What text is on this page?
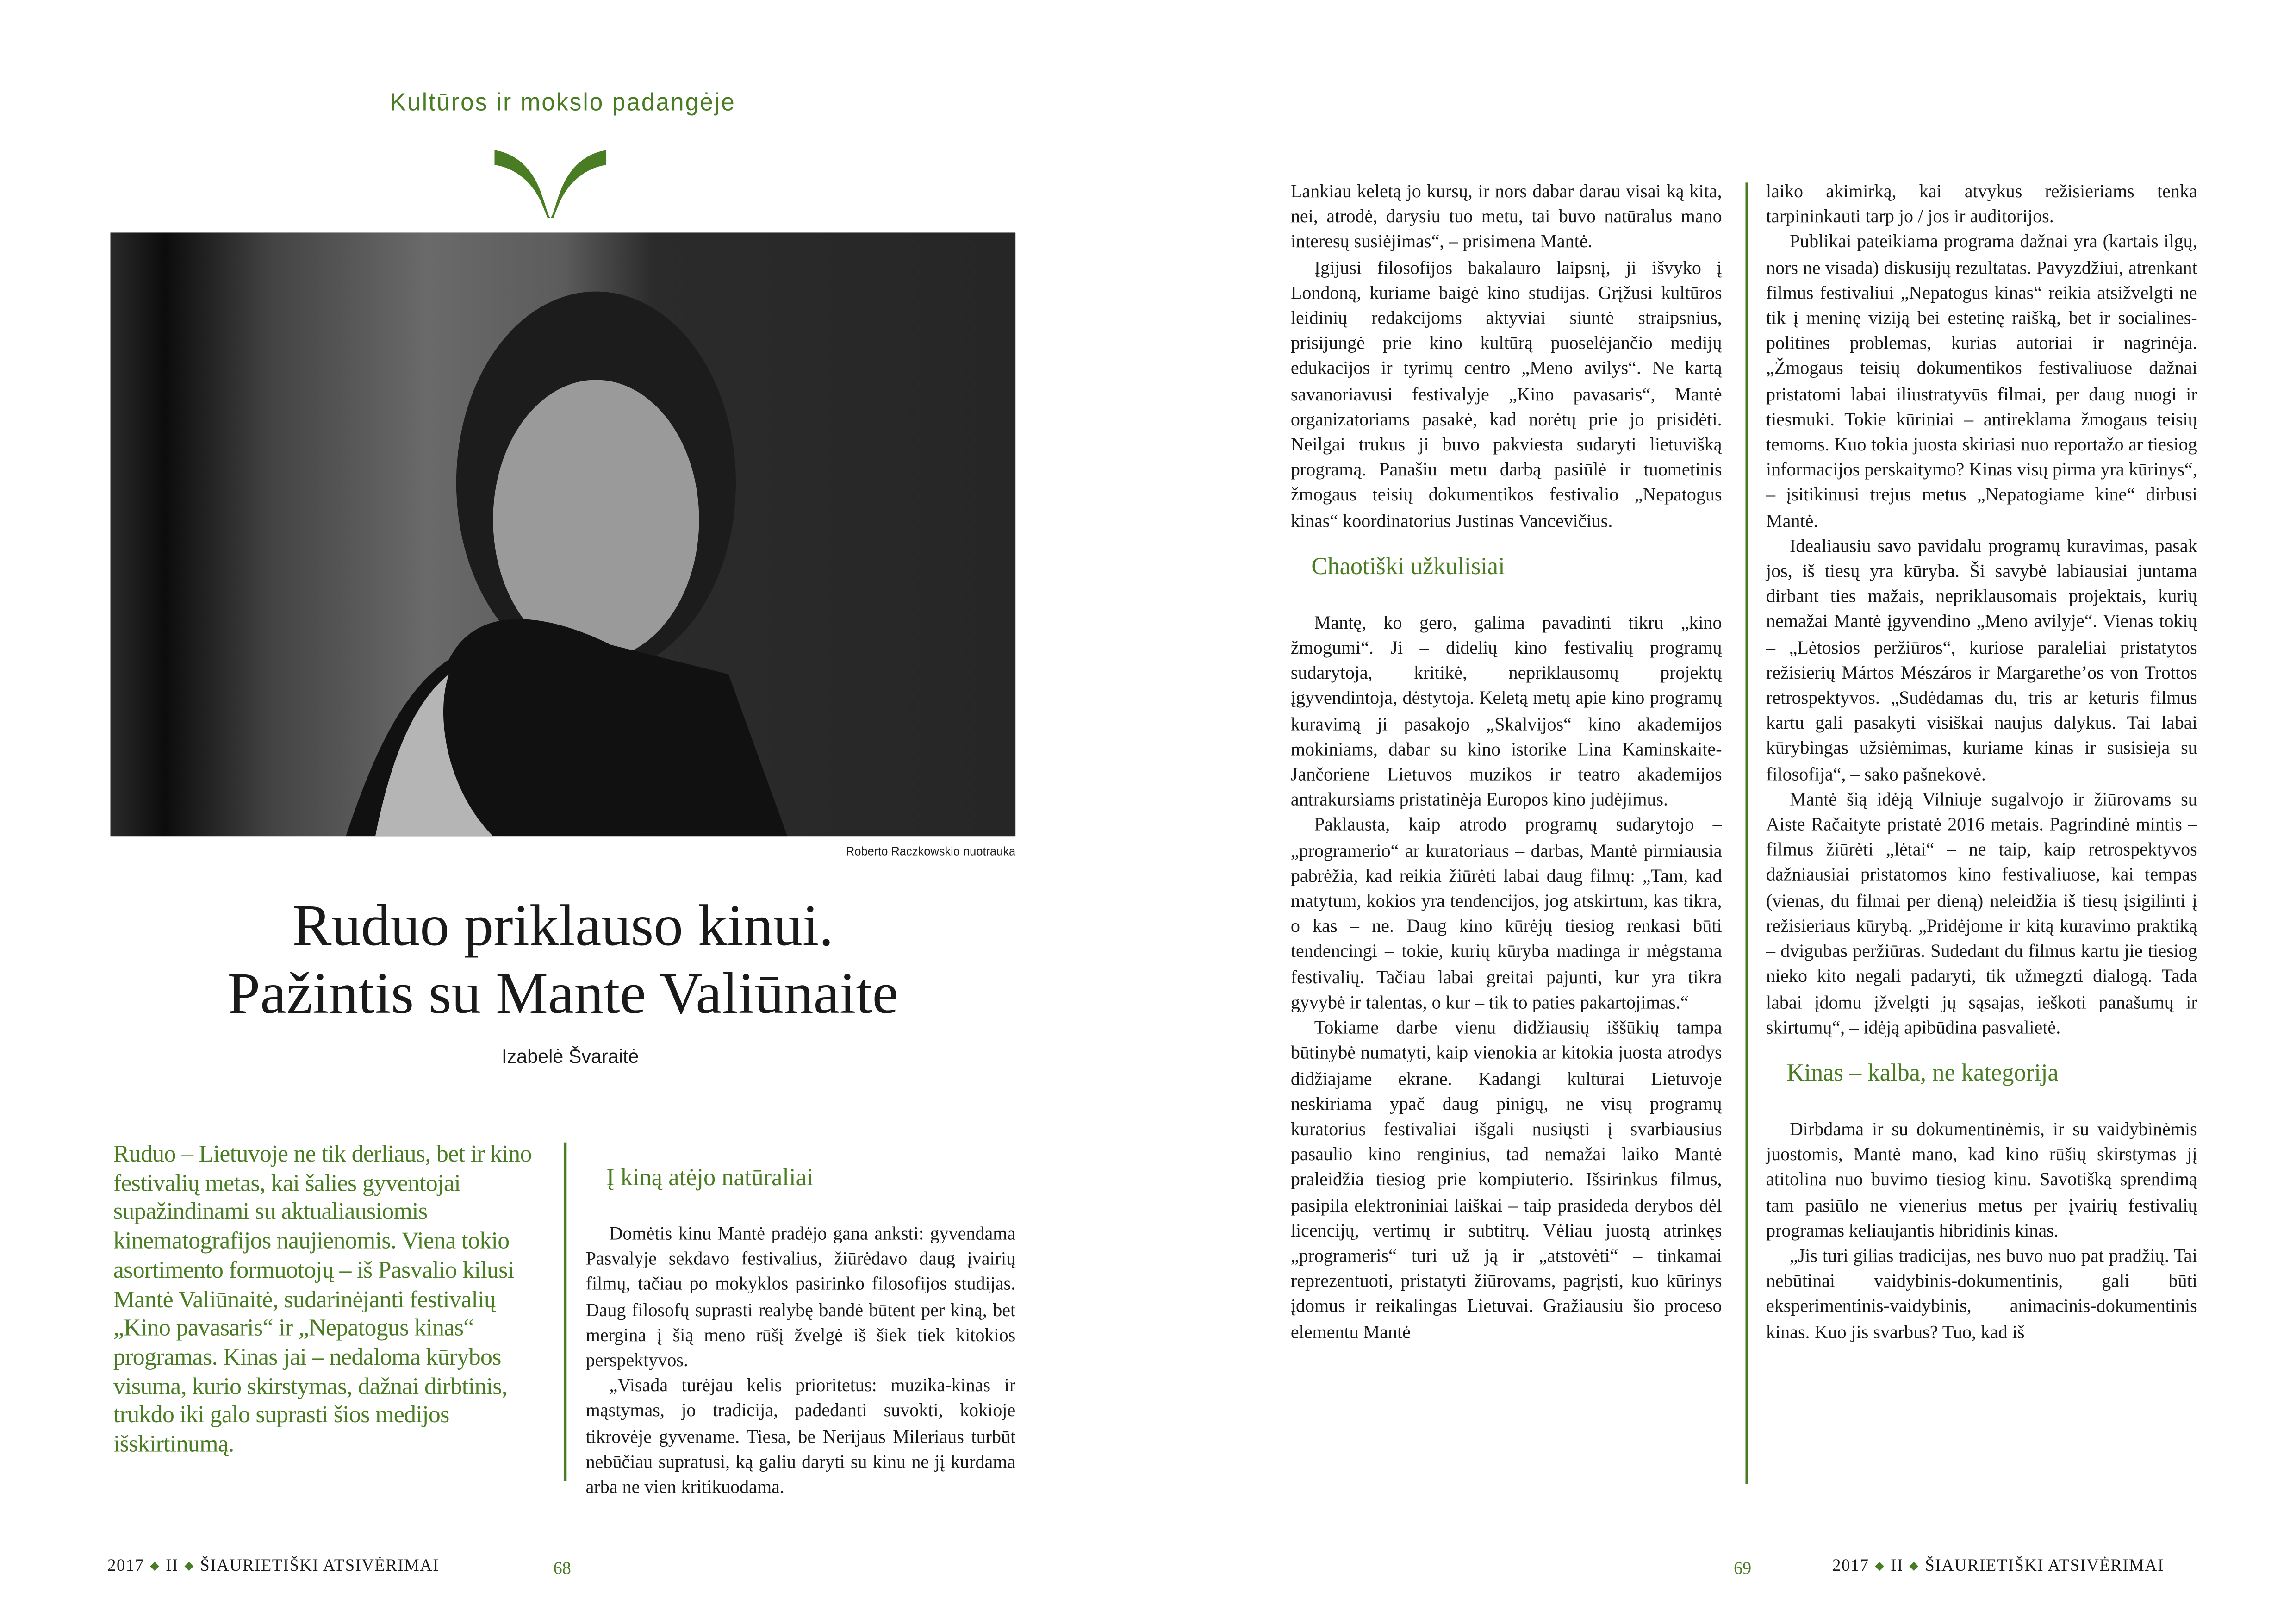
Kultūros ir mokslo padangėje
Roberto Raczkowskio nuotrauka
Ruduo priklauso kinui.
Pažintis su Mante Valiūnaite
Izabelė Švaraitė
Ruduo – Lietuvoje ne tik derliaus, bet ir kino festivalių metas, kai šalies gyventojai supažindinami su aktualiausiomis kinematografijos naujienomis. Viena tokio asortimento formuotojų – iš Pasvalio kilusi Mantė Valiūnaitė, sudarinėjanti festivalių „Kino pavasaris“ ir „Nepatogus kinas“ programas. Kinas jai – nedaloma kūrybos visuma, kurio skirstymas, dažnai dirbtinis, trukdo iki galo suprasti šios medijos išskirtinumą.
Į kiną atėjo natūraliai

Domėtis kinu Mantė pradėjo gana anksti: gyvendama Pasvalyje sekdavo festivalius, žiūrėdavo daug įvairių filmų, tačiau po mokyklos pasirinko filosofijos studijas. Daug filosofų suprasti realybę bandė būtent per kiną, bet mergina į šią meno rūšį žvelgė iš šiek tiek kitokios perspektyvos.

„Visada turėjau kelis prioritetus: muzika-kinas ir mąstymas, jo tradicija, padedanti suvokti, kokioje tikrovėje gyvename. Tiesa, be Nerijaus Mileriaus turbūt nebūčiau supratusi, ką galiu daryti su kinu ne jį kurdama arba ne vien kritikuodama.

Lankiau keletą jo kursų, ir nors dabar darau visai ką kita, nei, atrodė, darysiu tuo metu, tai buvo natūralus mano interesų susiėjimas“, – prisimena Mantė.

Įgijusi filosofijos bakalauro laipsnį, ji išvyko į Londoną, kuriame baigė kino studijas. Grįžusi kultūros leidinių redakcijoms aktyviai siuntė straipsnius, prisijungė prie kino kultūrą puoselėjančio medijų edukacijos ir tyrimų centro „Meno avilys“. Ne kartą savanoriavusi festivalyje „Kino pavasaris“, Mantė organizatoriams pasakė, kad norėtų prie jo prisidėti. Neilgai trukus ji buvo pakviesta sudaryti lietuvišką programą. Panašiu metu darbą pasiūlė ir tuometinis žmogaus teisių dokumentikos festivalio „Nepatogus kinas“ koordinatorius Justinas Vancevičius.

Chaotiški užkulisiai

Mantę, ko gero, galima pavadinti tikru „kino žmogumi“. Ji – didelių kino festivalių programų sudarytoja, kritikė, nepriklausomų projektų įgyvendintoja, dėstytoja. Keletą metų apie kino programų kuravimą ji pasakojo „Skalvijos“ kino akademijos mokiniams, dabar su kino istorike Lina Kaminskaite-Jančoriene Lietuvos muzikos ir teatro akademijos antrakursiams pristatinėja Europos kino judėjimus.

Paklausta, kaip atrodo programų sudarytojo – „programerio“ ar kuratoriaus – darbas, Mantė pirmiausia pabrėžia, kad reikia žiūrėti labai daug filmų: „Tam, kad matytum, kokios yra tendencijos, jog atskirtum, kas tikra, o kas – ne. Daug kino kūrėjų tiesiog renkasi būti tendencingi – tokie, kurių kūryba madinga ir mėgstama festivalių. Tačiau labai greitai pajunti, kur yra tikra gyvybė ir talentas, o kur – tik to paties pakartojimas.“

Tokiame darbe vienu didžiausių iššūkių tampa būtinybė numatyti, kaip vienokia ar kitokia juosta atrodys didžiajame ekrane. Kadangi kultūrai Lietuvoje neskiriama ypač daug pinigų, ne visų programų kuratorius festivaliai išgali nusiųsti į svarbiausius pasaulio kino renginius, tad nemažai laiko Mantė praleidžia tiesiog prie kompiuterio. Išsirinkus filmus, pasipila elektroniniai laiškai – taip prasideda derybos dėl licencijų, vertimų ir subtitrų. Vėliau juostą atrinkęs „programeris“ turi už ją ir „atstovėti“ – tinkamai reprezentuoti, pristatyti žiūrovams, pagrįsti, kuo kūrinys įdomus ir reikalingas Lietuvai. Gražiausiu šio proceso elementu Mantė

laiko akimirką, kai atvykus režisieriams tenka tarpininkauti tarp jo / jos ir auditorijos.

Publikai pateikiama programa dažnai yra (kartais ilgų, nors ne visada) diskusijų rezultatas. Pavyzdžiui, atrenkant filmus festivaliui „Nepatogus kinas“ reikia atsižvelgti ne tik į meninę viziją bei estetinę raišką, bet ir socialines-politines problemas, kurias autoriai ir nagrinėja. „Žmogaus teisių dokumentikos festivaliuose dažnai pristatomi labai iliustratyvūs filmai, per daug nuogi ir tiesmuki. Tokie kūriniai – antireklama žmogaus teisių temoms. Kuo tokia juosta skiriasi nuo reportažo ar tiesiog informacijos perskaitymo? Kinas visų pirma yra kūrinys“, – įsitikinusi trejus metus „Nepatogiame kine“ dirbusi Mantė.

Idealiausiu savo pavidalu programų kuravimas, pasak jos, iš tiesų yra kūryba. Ši savybė labiausiai juntama dirbant ties mažais, nepriklausomais projektais, kurių nemažai Mantė įgyvendino „Meno avilyje“. Vienas tokių – „Lėtosios peržiūros“, kuriose paraleliai pristatytos režisierių Mártos Mészáros ir Margarethe’os von Trottos retrospektyvos. „Sudėdamas du, tris ar keturis filmus kartu gali pasakyti visiškai naujus dalykus. Tai labai kūrybingas užsiėmimas, kuriame kinas ir susisieja su filosofija“, – sako pašnekovė.

Mantė šią idėją Vilniuje sugalvojo ir žiūrovams su Aiste Račaityte pristatė 2016 metais. Pagrindinė mintis – filmus žiūrėti „lėtai“ – ne taip, kaip retrospektyvos dažniausiai pristatomos kino festivaliuose, kai tempas (vienas, du filmai per dieną) neleidžia iš tiesų įsigilinti į režisieriaus kūrybą. „Pridėjome ir kitą kuravimo praktiką – dvigubas peržiūras. Sudedant du filmus kartu jie tiesiog nieko kito negali padaryti, tik užmegzti dialogą. Tada labai įdomu įžvelgti jų sąsajas, ieškoti panašumų ir skirtumų“, – idėją apibūdina pasvalietė.

Kinas – kalba, ne kategorija

Dirbdama ir su dokumentinėmis, ir su vaidybinėmis juostomis, Mantė mano, kad kino rūšių skirstymas jį atitolina nuo buvimo tiesiog kinu. Savotišką sprendimą tam pasiūlo ne vienerius metus per įvairių festivalių programas keliaujantis hibridinis kinas.

„Jis turi gilias tradicijas, nes buvo nuo pat pradžių. Tai nebūtinai vaidybinis-dokumentinis, gali būti eksperimentinis-vaidybinis, animacinis-dokumentinis kinas. Kuo jis svarbus? Tuo, kad iš

2017 ◆ II ◆ ŠIAURIETIŠKI ATSIVĖRIMAI	68	69	2017 ◆ II ◆ ŠIAURIETIŠKI ATSIVĖRIMAI
